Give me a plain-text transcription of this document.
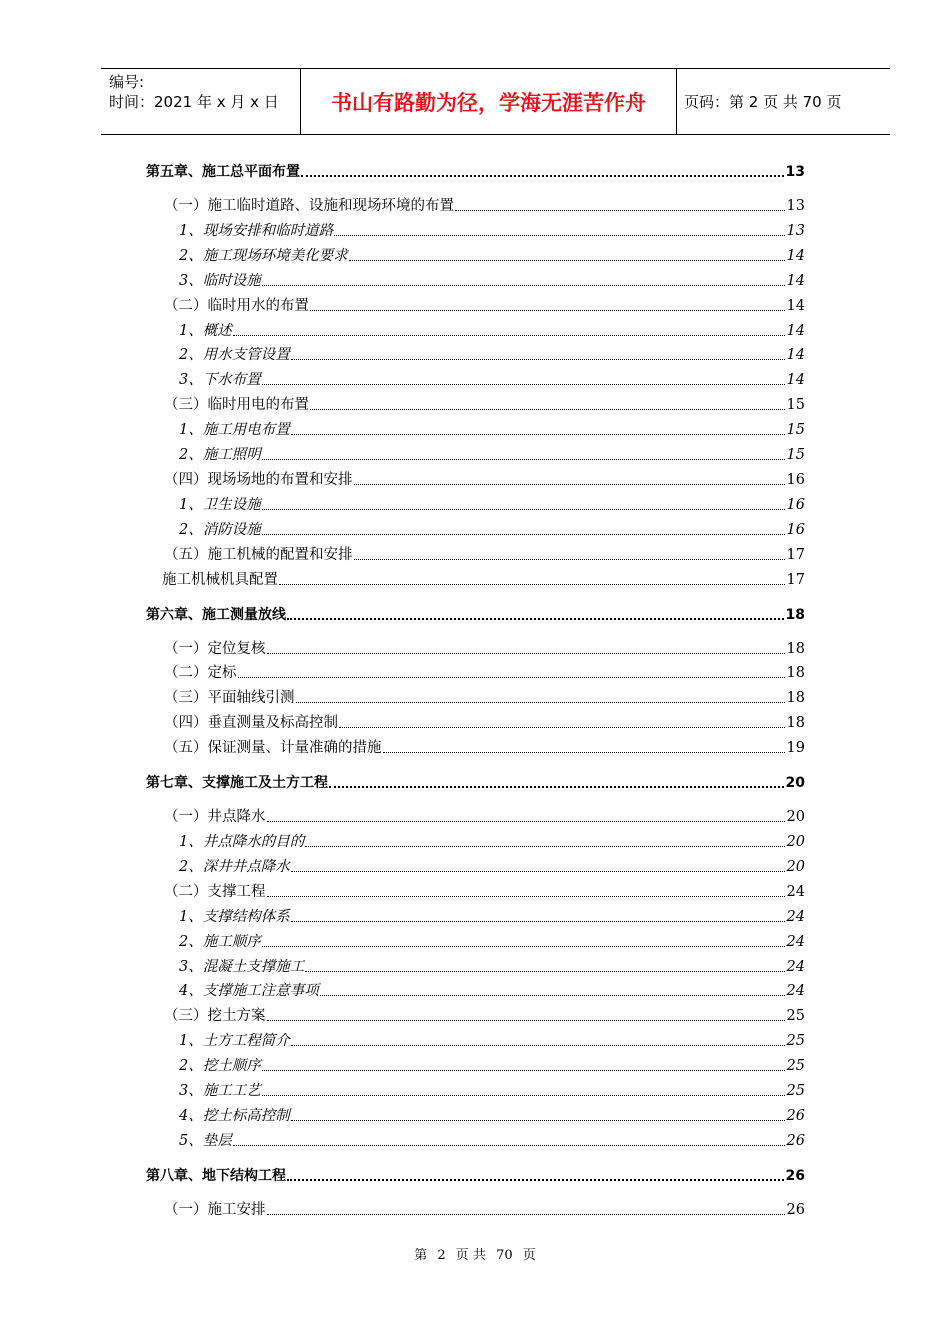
编号:
时间：2021 年 x 月 x 日	书山有路勤为径，学海无涯苦作舟	页码：第 2 页 共 70 页
第五章、施工总平面布置	13
（一）施工临时道路、设施和现场环境的布置	13
1、现场安排和临时道路	13
2、施工现场环境美化要求	14
3、临时设施	14
（二）临时用水的布置	14
1、概述	14
2、用水支管设置	14
3、下水布置	14
（三）临时用电的布置	15
1、施工用电布置	15
2、施工照明	15
（四）现场场地的布置和安排	16
1、卫生设施	16
2、消防设施	16
（五）施工机械的配置和安排	17
施工机械机具配置	17
第六章、施工测量放线	18
（一）定位复核	18
（二）定标	18
（三）平面轴线引测	18
（四）垂直测量及标高控制	18
（五）保证测量、计量准确的措施	19
第七章、支撑施工及土方工程	20
（一）井点降水	20
1、井点降水的目的	20
2、深井井点降水	20
（二）支撑工程	24
1、支撑结构体系	24
2、施工顺序	24
3、混凝土支撑施工	24
4、支撑施工注意事项	24
（三）挖土方案	25
1、土方工程简介	25
2、挖土顺序	25
3、施工工艺	25
4、挖土标高控制	26
5、垫层	26
第八章、地下结构工程	26
（一）施工安排	26
第 2 页 共 70 页
